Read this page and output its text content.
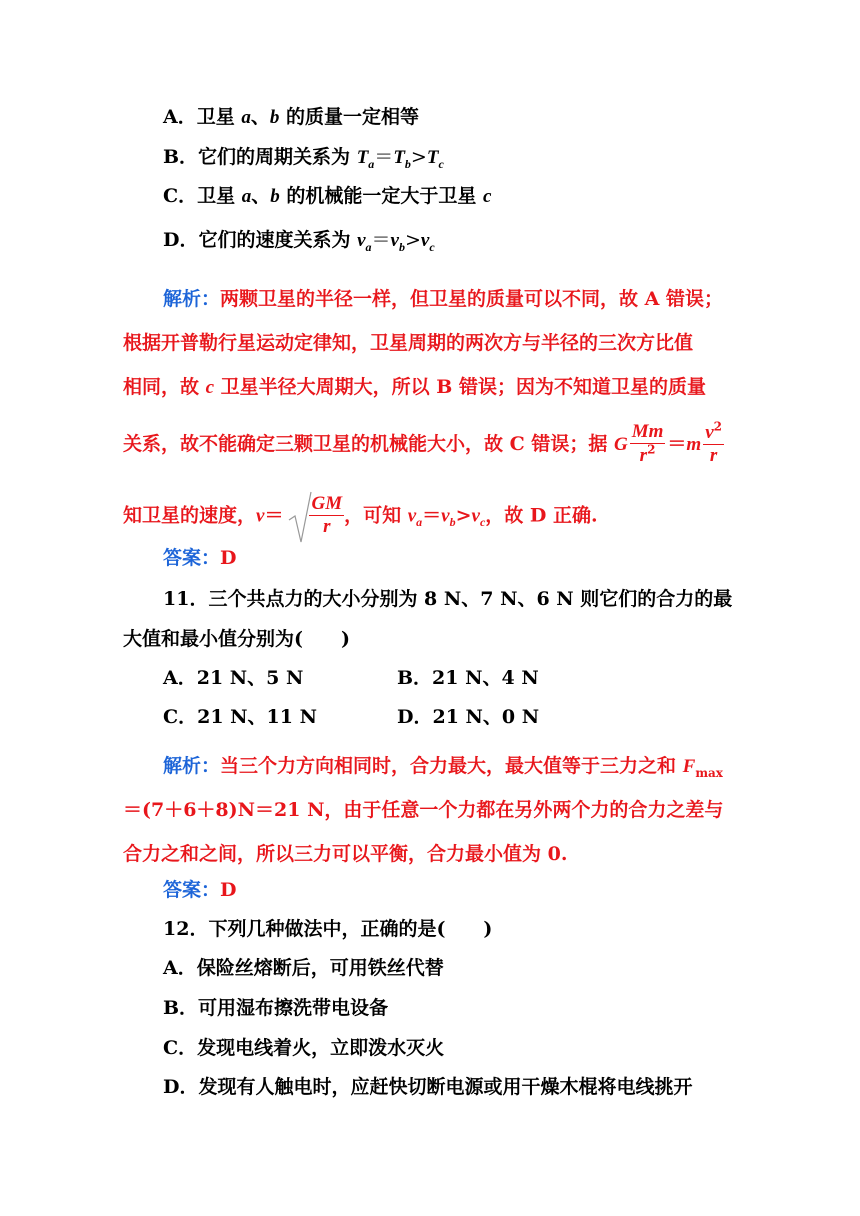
A．卫星 a、b 的质量一定相等
B．它们的周期关系为 $T_a=T_b>T_c$
C．卫星 a、b 的机械能一定大于卫星 c
D．它们的速度关系为 $v_a=v_b>v_c$
解析：两颗卫星的半径一样，但卫星的质量可以不同，故 A 错误；
根据开普勒行星运动定律知，卫星周期的两次方与半径的三次方比值
相同，故 c 卫星半径大周期大，所以 B 错误；因为不知道卫星的质量
关系，故不能确定三颗卫星的机械能大小，故 C 错误；据 G $\frac{Mm}{r^2} =m \frac{v^2}{r}$
知卫星的速度，$v= \frac{GM}{r}$ ，可知 $v_a=v_b>v_c$，故 D 正确.
答案：D
11．三个共点力的大小分别为 8 N、7 N、6 N 则它们的合力的最
大值和最小值分别为(　　)
A．21 N、5 N	B．21 N、4 N
C．21 N、11 N	D．21 N、0 N
解析：当三个力方向相同时，合力最大，最大值等于三力之和 $F_{max}$
＝(7＋6＋8)N＝21 N，由于任意一个力都在另外两个力的合力之差与
合力之和之间，所以三力可以平衡，合力最小值为 0.
答案：D
12．下列几种做法中，正确的是(　　)
A．保险丝熔断后，可用铁丝代替
B．可用湿布擦洗带电设备
C．发现电线着火，立即泼水灭火
D．发现有人触电时，应赶快切断电源或用干燥木棍将电线挑开
